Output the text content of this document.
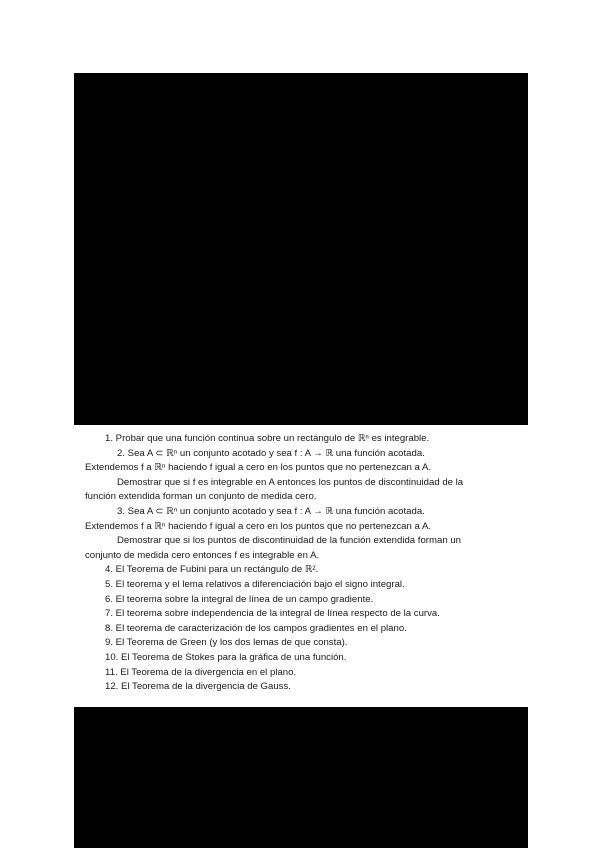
1. Probar que una función continua sobre un rectángulo de ℝⁿ es integrable.
2. Sea A ⊂ ℝⁿ un conjunto acotado y sea f : A → ℝ una función acotada.
Extendemos f a ℝⁿ haciendo f igual a cero en los puntos que no pertenezcan a A.
Demostrar que si f es integrable en A entonces los puntos de discontinuidad de la
función extendida forman un conjunto de medida cero.
3. Sea A ⊂ ℝⁿ un conjunto acotado y sea f : A → ℝ una función acotada.
Extendemos f a ℝⁿ haciendo f igual a cero en los puntos que no pertenezcan a A.
Demostrar que si los puntos de discontinuidad de la función extendida forman un
conjunto de medida cero entonces f es integrable en A.
4. El Teorema de Fubini para un rectángulo de ℝ².
5. El teorema y el lema relativos a diferenciación bajo el signo integral.
6. El teorema sobre la integral de línea de un campo gradiente.
7. El teorema sobre independencia de la integral de línea respecto de la curva.
8. El teorema de caracterización de los campos gradientes en el plano.
9. El Teorema de Green (y los dos lemas de que consta).
10. El Teorema de Stokes para la gráfica de una función.
11. El Teorema de la divergencia en el plano.
12. El Teorema de la divergencia de Gauss.
